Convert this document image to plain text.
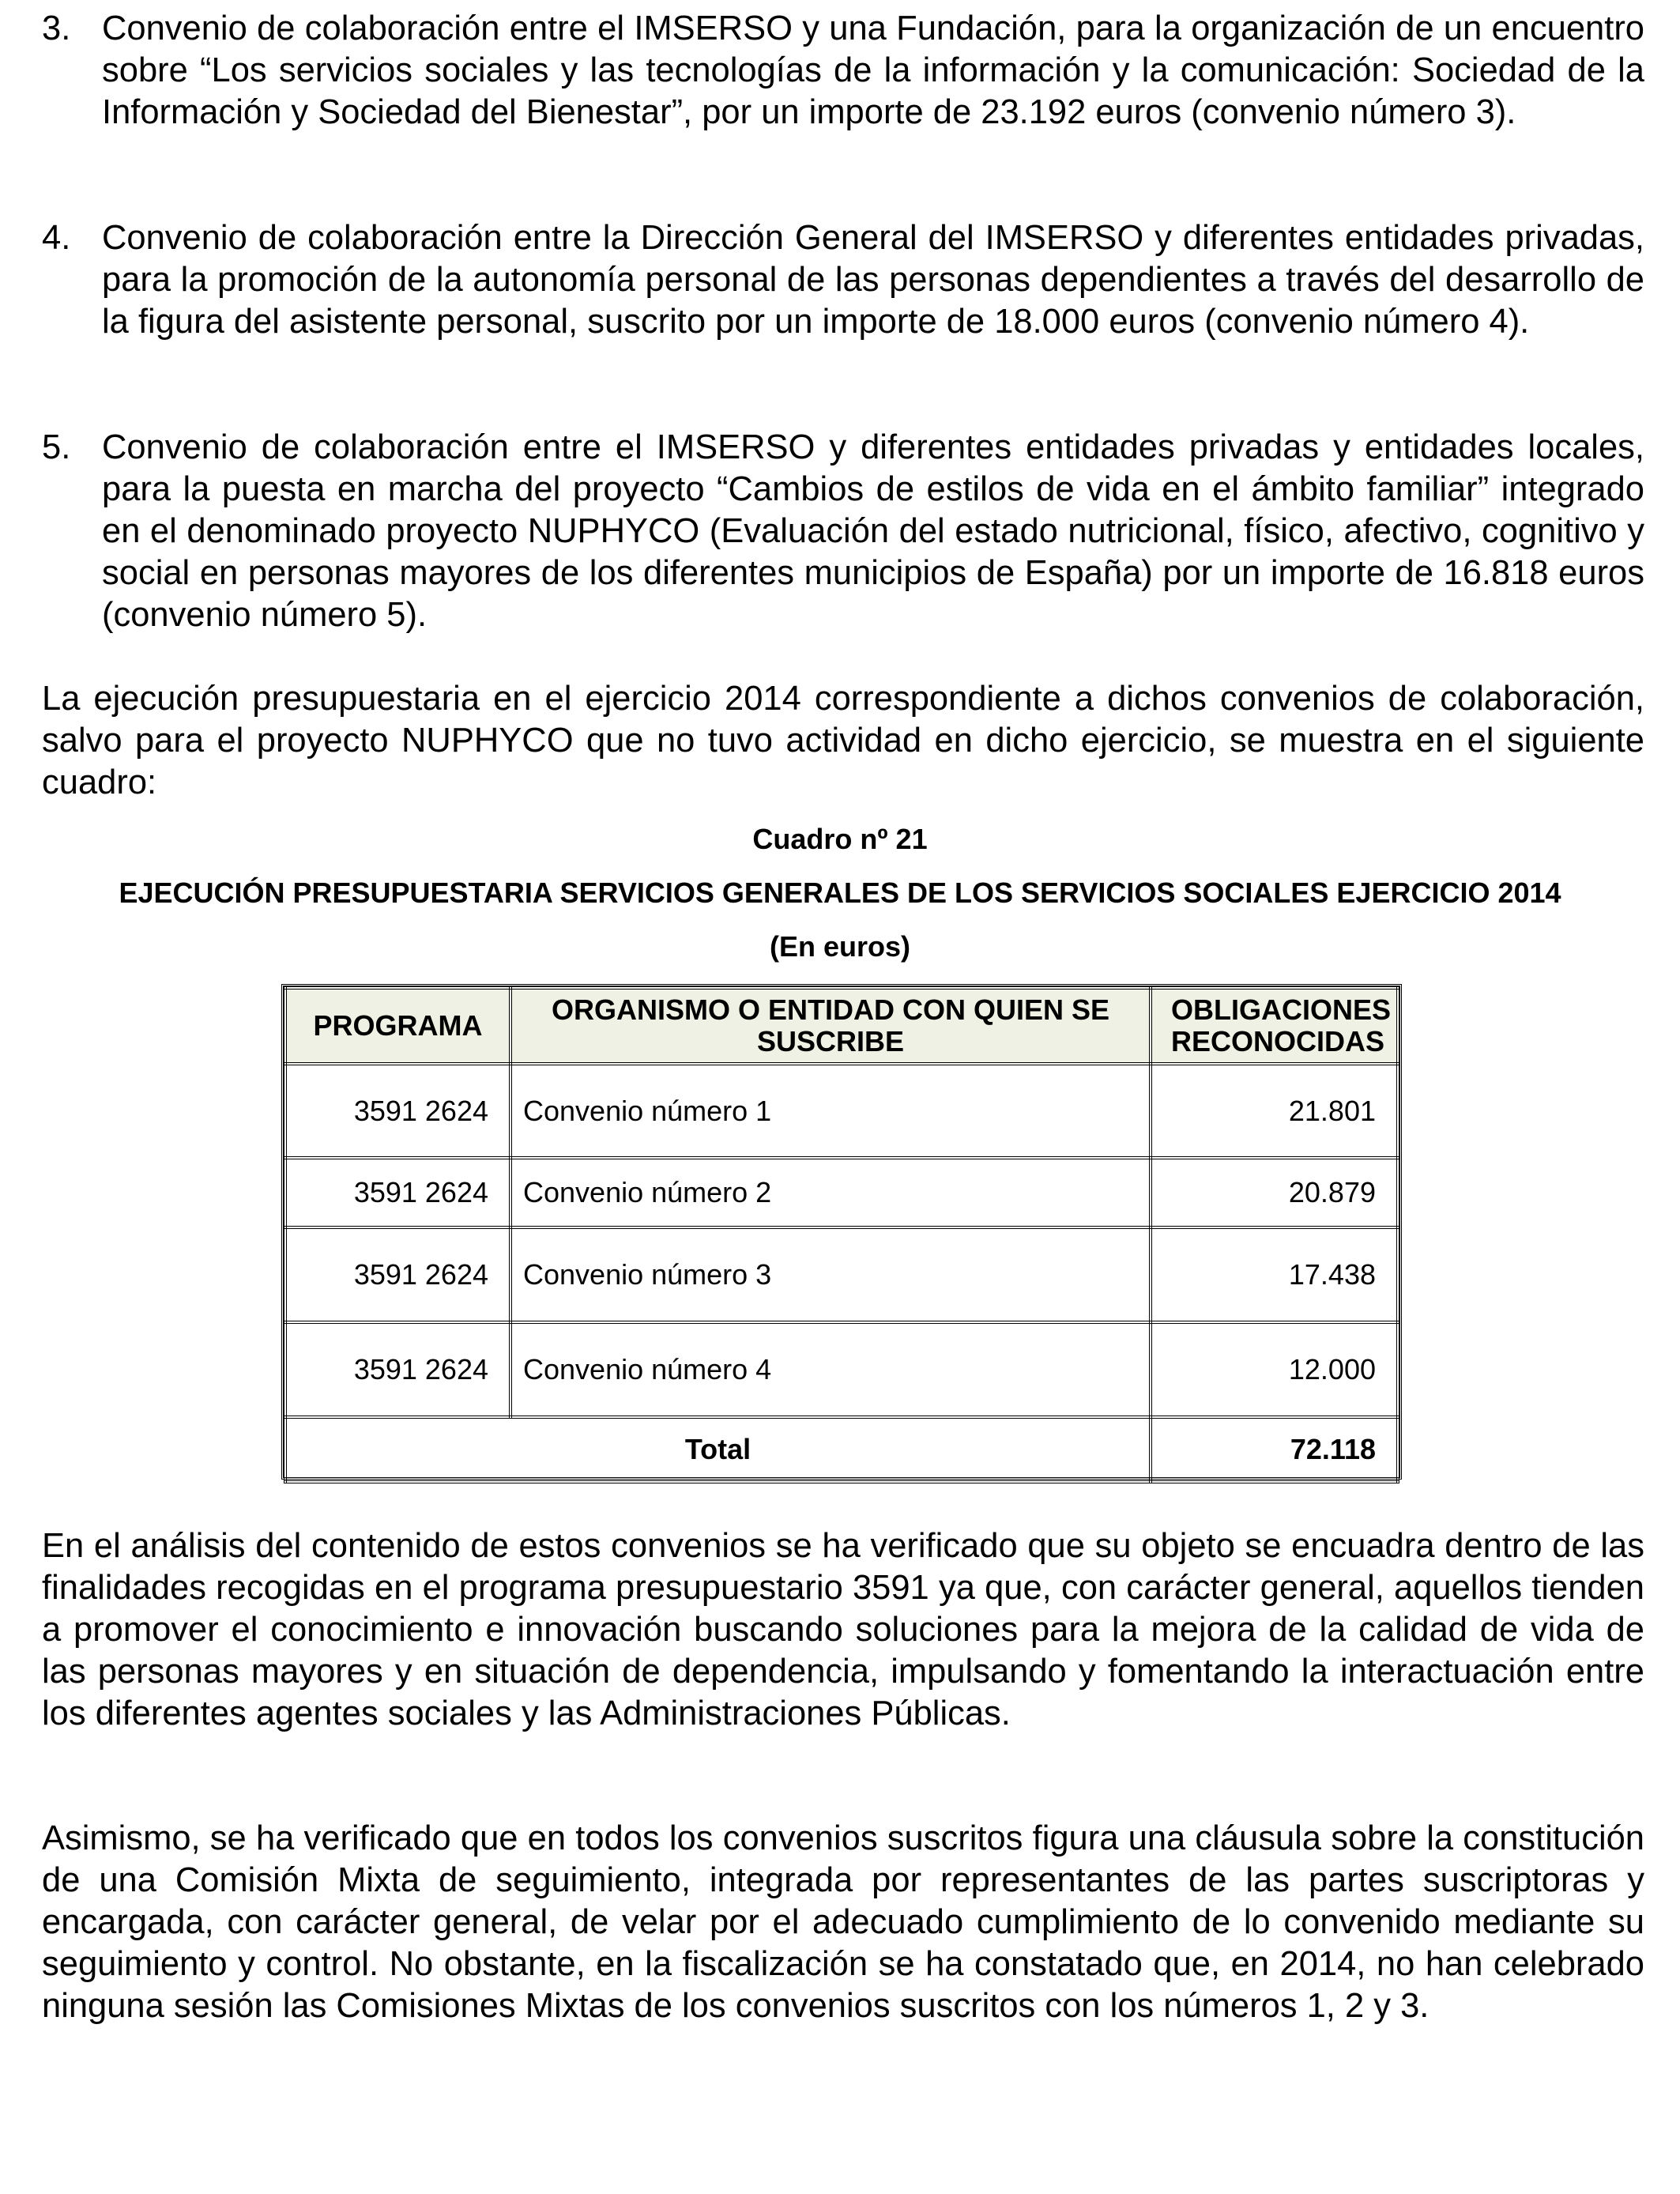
3. Convenio de colaboración entre el IMSERSO y una Fundación, para la organización de un encuentro sobre “Los servicios sociales y las tecnologías de la información y la comunicación: Sociedad de la Información y Sociedad del Bienestar”, por un importe de 23.192 euros (convenio número 3).
4. Convenio de colaboración entre la Dirección General del IMSERSO y diferentes entidades privadas, para la promoción de la autonomía personal de las personas dependientes a través del desarrollo de la figura del asistente personal, suscrito por un importe de 18.000 euros (convenio número 4).
5. Convenio de colaboración entre el IMSERSO y diferentes entidades privadas y entidades locales, para la puesta en marcha del proyecto “Cambios de estilos de vida en el ámbito familiar” integrado en el denominado proyecto NUPHYCO (Evaluación del estado nutricional, físico, afectivo, cognitivo y social en personas mayores de los diferentes municipios de España) por un importe de 16.818 euros (convenio número 5).
La ejecución presupuestaria en el ejercicio 2014 correspondiente a dichos convenios de colaboración, salvo para el proyecto NUPHYCO que no tuvo actividad en dicho ejercicio, se muestra en el siguiente cuadro:
Cuadro nº 21
EJECUCIÓN PRESUPUESTARIA SERVICIOS GENERALES DE LOS SERVICIOS SOCIALES EJERCICIO 2014
(En euros)
PROGRAMA	ORGANISMO O ENTIDAD CON QUIEN SE SUSCRIBE	OBLIGACIONES RECONOCIDAS
3591 2624	Convenio número 1	21.801
3591 2624	Convenio número 2	20.879
3591 2624	Convenio número 3	17.438
3591 2624	Convenio número 4	12.000
Total		72.118
En el análisis del contenido de estos convenios se ha verificado que su objeto se encuadra dentro de las finalidades recogidas en el programa presupuestario 3591 ya que, con carácter general, aquellos tienden a promover el conocimiento e innovación buscando soluciones para la mejora de la calidad de vida de las personas mayores y en situación de dependencia, impulsando y fomentando la interactuación entre los diferentes agentes sociales y las Administraciones Públicas.
Asimismo, se ha verificado que en todos los convenios suscritos figura una cláusula sobre la constitución de una Comisión Mixta de seguimiento, integrada por representantes de las partes suscriptoras y encargada, con carácter general, de velar por el adecuado cumplimiento de lo convenido mediante su seguimiento y control. No obstante, en la fiscalización se ha constatado que, en 2014, no han celebrado ninguna sesión las Comisiones Mixtas de los convenios suscritos con los números 1, 2 y 3.
